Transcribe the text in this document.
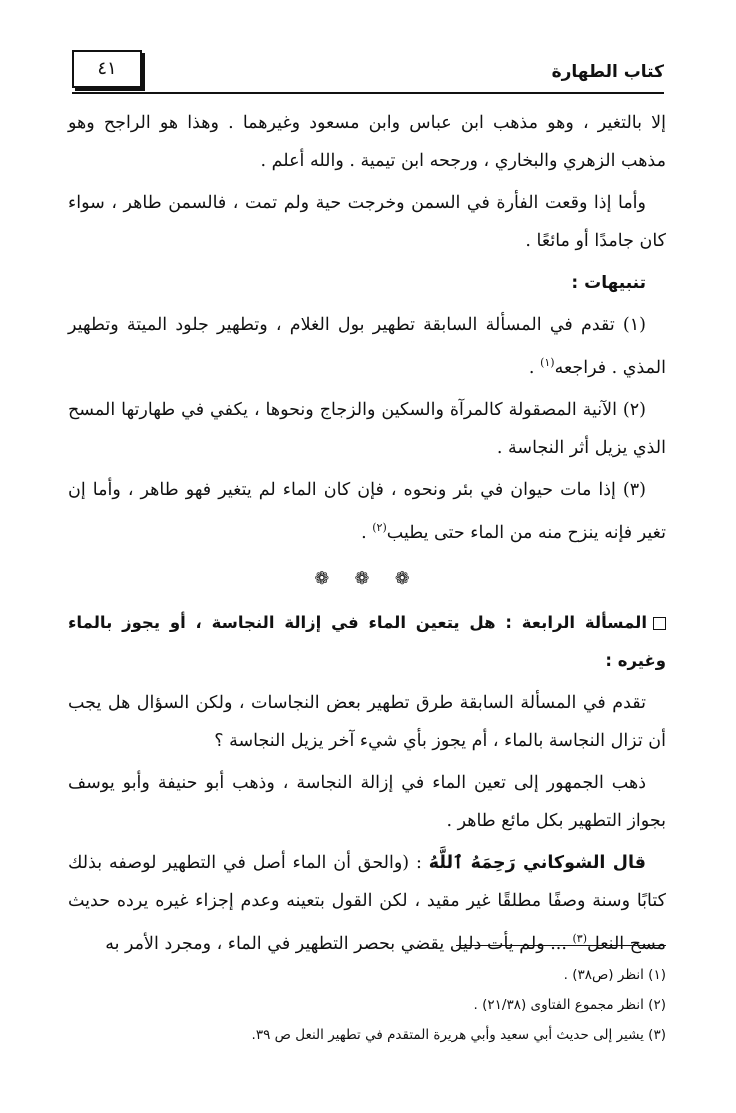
كتاب الطهارة
٤١

إلا بالتغير ، وهو مذهب ابن عباس وابن مسعود وغيرهما . وهذا هو الراجح وهو مذهب الزهري والبخاري ، ورجحه ابن تيمية . والله أعلم .

وأما إذا وقعت الفأرة في السمن وخرجت حية ولم تمت ، فالسمن طاهر ، سواء كان جامدًا أو مائعًا .

تنبيهات :

(١) تقدم في المسألة السابقة تطهير بول الغلام ، وتطهير جلود الميتة وتطهير المذي . فراجعه$^{(١)}$ .

(٢) الآنية المصقولة كالمرآة والسكين والزجاج ونحوها ، يكفي في طهارتها المسح الذي يزيل أثر النجاسة .

(٣) إذا مات حيوان في بئر ونحوه ، فإن كان الماء لم يتغير فهو طاهر ، وأما إن تغير فإنه ينزح منه من الماء حتى يطيب$^{(٢)}$ .

❁ ❁ ❁

المسألة الرابعة : هل يتعين الماء في إزالة النجاسة ، أو يجوز بالماء وغيره :

تقدم في المسألة السابقة طرق تطهير بعض النجاسات ، ولكن السؤال هل يجب أن تزال النجاسة بالماء ، أم يجوز بأي شيء آخر يزيل النجاسة ؟

ذهب الجمهور إلى تعين الماء في إزالة النجاسة ، وذهب أبو حنيفة وأبو يوسف بجواز التطهير بكل مائع طاهر .

قال الشوكاني رَحِمَهُ ٱللَّهُ : (والحق أن الماء أصل في التطهير لوصفه بذلك كتابًا وسنة وصفًا مطلقًا غير مقيد ، لكن القول بتعينه وعدم إجزاء غيره يرده حديث مسح النعل$^{(٣)}$ ... ولم يأت دليل يقضي بحصر التطهير في الماء ، ومجرد الأمر به

(١) انظر (ص٣٨) .
(٢) انظر مجموع الفتاوى (٢١/٣٨) .
(٣) يشير إلى حديث أبي سعيد وأبي هريرة المتقدم في تطهير النعل ص ٣٩.
